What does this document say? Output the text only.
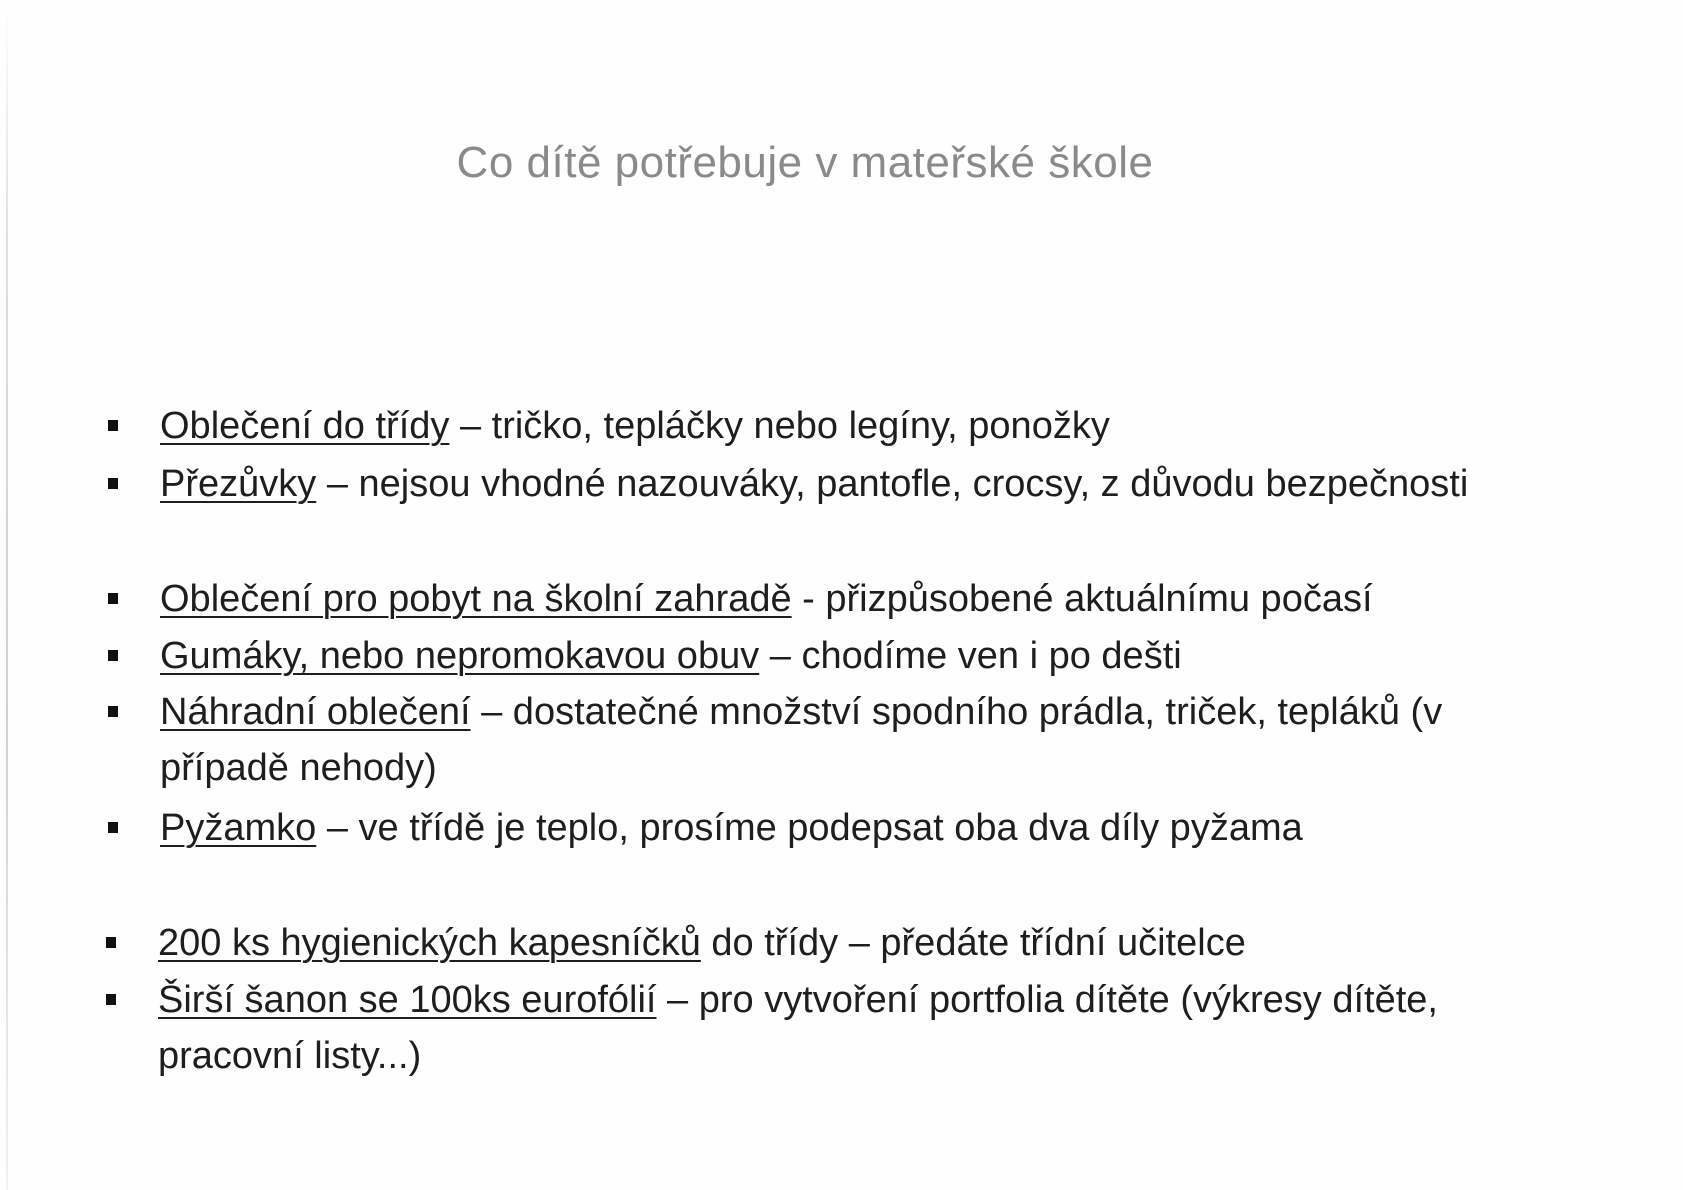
Co dítě potřebuje v mateřské škole
Oblečení do třídy – tričko, tepláčky nebo legíny, ponožky
Přezůvky – nejsou vhodné nazouváky, pantofle, crocsy, z důvodu bezpečnosti
Oblečení pro pobyt na školní zahradě - přizpůsobené aktuálnímu počasí
Gumáky, nebo nepromokavou obuv – chodíme ven i po dešti
Náhradní oblečení – dostatečné množství spodního prádla, triček, tepláků (v případě nehody)
Pyžamko – ve třídě je teplo, prosíme podepsat oba dva díly pyžama
200 ks hygienických kapesníčků do třídy – předáte třídní učitelce
Širší šanon se 100ks eurofólií – pro vytvoření portfolia dítěte (výkresy dítěte, pracovní listy...)
